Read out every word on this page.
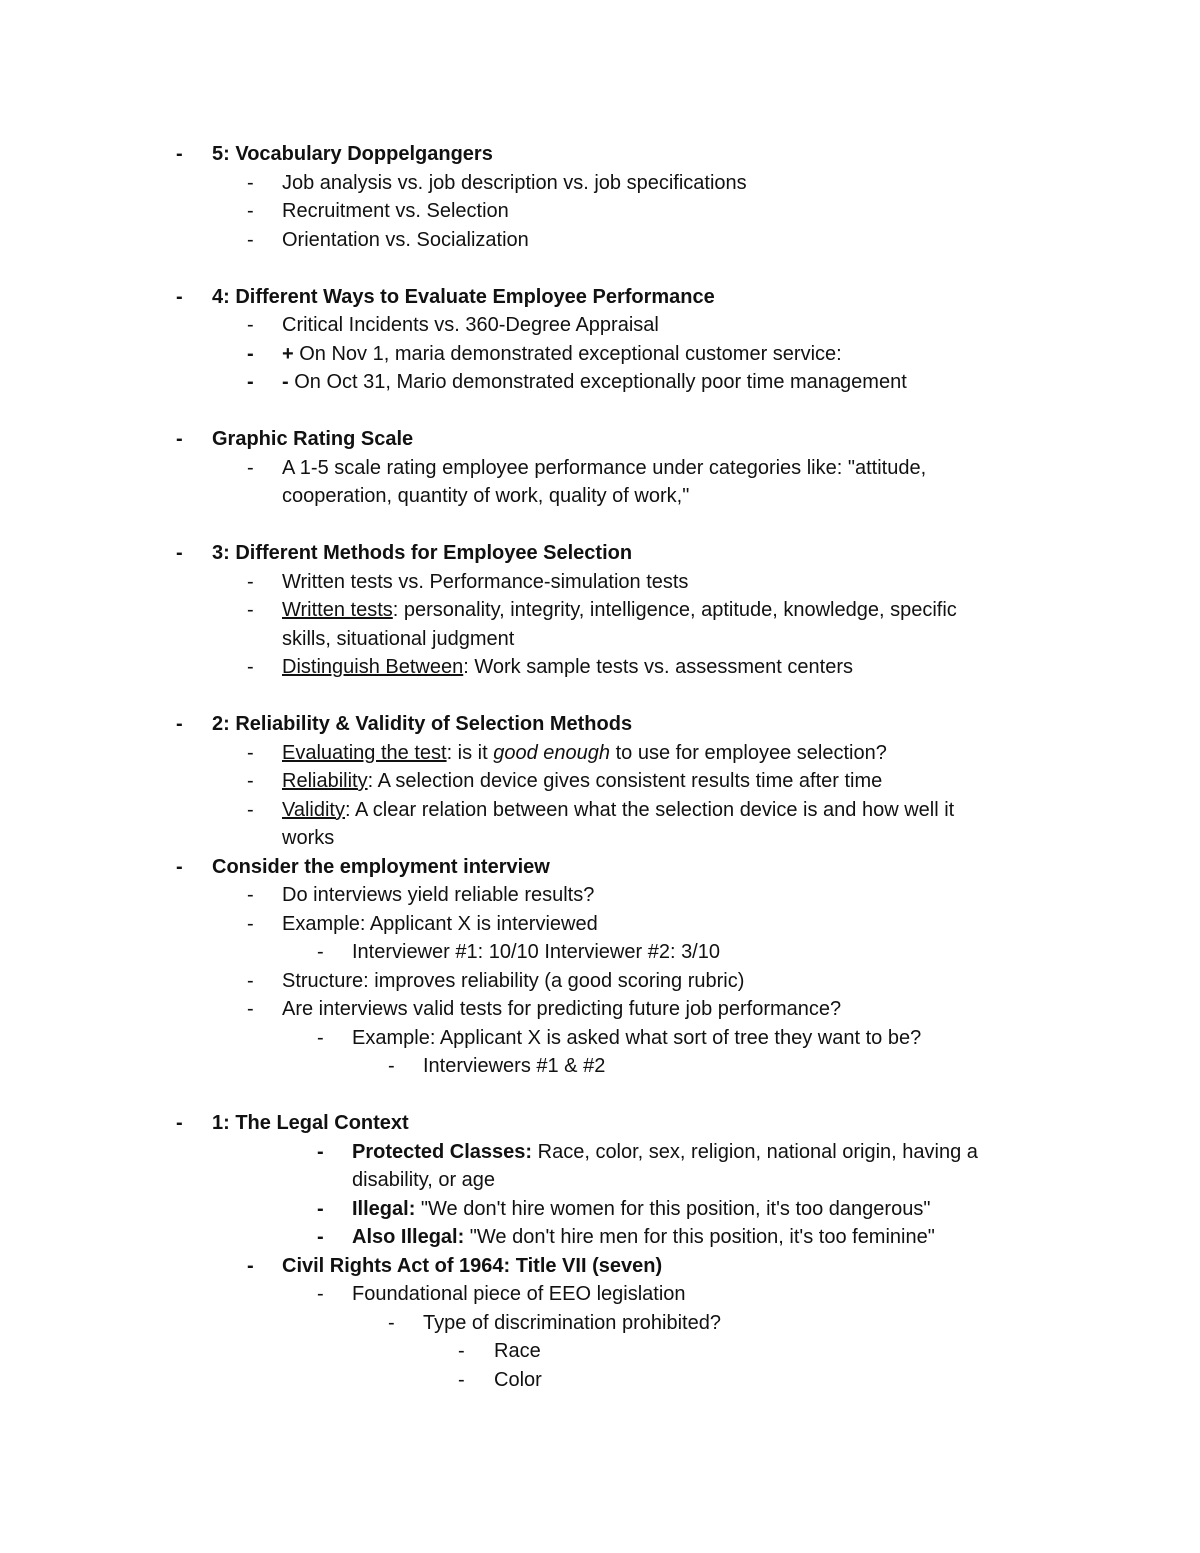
- 5: Vocabulary Doppelgangers
- Job analysis vs. job description vs. job specifications
- Recruitment vs. Selection
- Orientation vs. Socialization
- 4: Different Ways to Evaluate Employee Performance
- Critical Incidents vs. 360-Degree Appraisal
- + On Nov 1, maria demonstrated exceptional customer service:
- - On Oct 31, Mario demonstrated exceptionally poor time management
- Graphic Rating Scale
- A 1-5 scale rating employee performance under categories like: "attitude,
cooperation, quantity of work, quality of work,"
- 3: Different Methods for Employee Selection
- Written tests vs. Performance-simulation tests
- Written tests: personality, integrity, intelligence, aptitude, knowledge, specific
skills, situational judgment
- Distinguish Between: Work sample tests vs. assessment centers
- 2: Reliability & Validity of Selection Methods
- Evaluating the test: is it good enough to use for employee selection?
- Reliability: A selection device gives consistent results time after time
- Validity: A clear relation between what the selection device is and how well it
works
- Consider the employment interview
- Do interviews yield reliable results?
- Example: Applicant X is interviewed
- Interviewer #1: 10/10 Interviewer #2: 3/10
- Structure: improves reliability (a good scoring rubric)
- Are interviews valid tests for predicting future job performance?
- Example: Applicant X is asked what sort of tree they want to be?
- Interviewers #1 & #2
- 1: The Legal Context
- Protected Classes: Race, color, sex, religion, national origin, having a
disability, or age
- Illegal: "We don't hire women for this position, it's too dangerous"
- Also Illegal: "We don't hire men for this position, it's too feminine"
- Civil Rights Act of 1964: Title VII (seven)
- Foundational piece of EEO legislation
- Type of discrimination prohibited?
- Race
- Color
